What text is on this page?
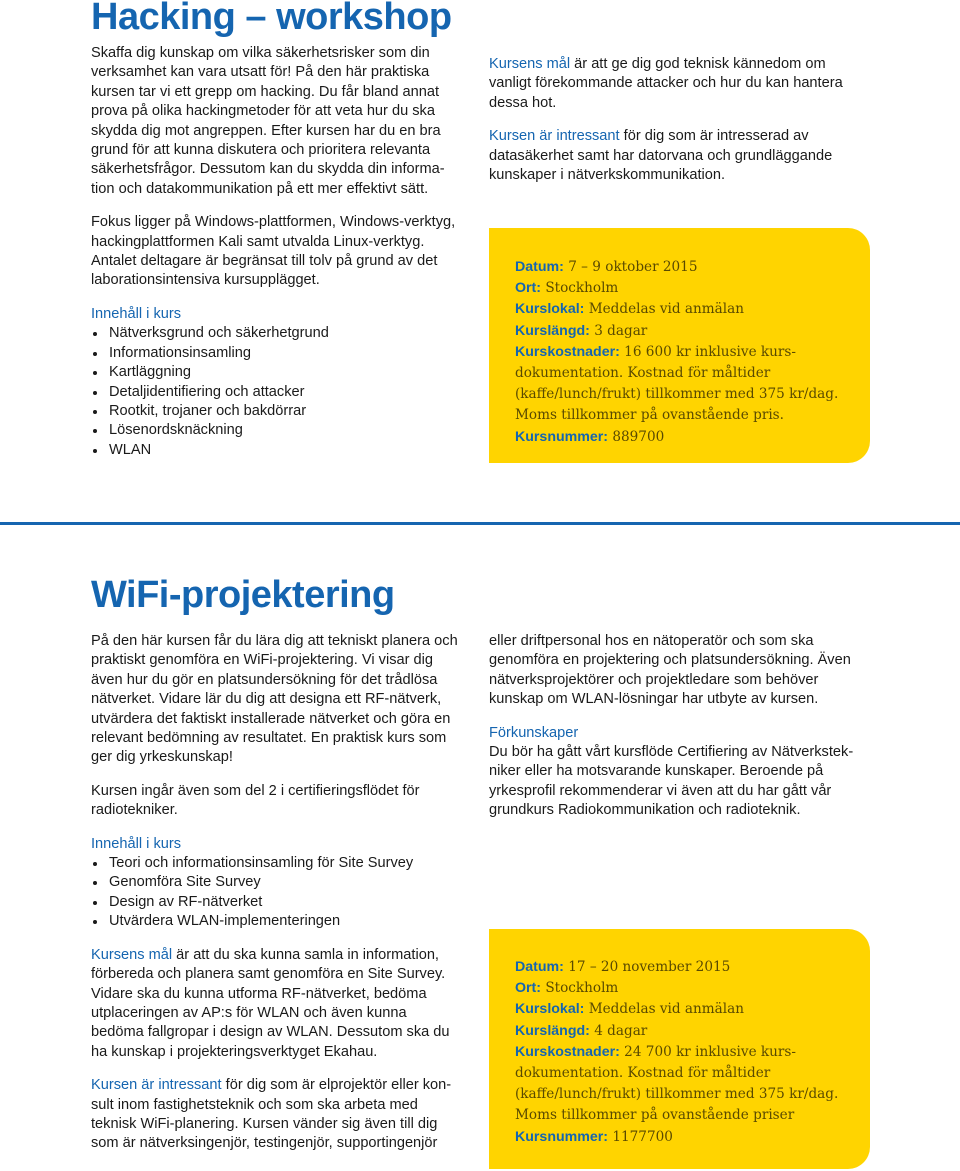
Hacking – workshop

Skaffa dig kunskap om vilka säkerhetsrisker som din verksamhet kan vara utsatt för! På den här praktiska kursen tar vi ett grepp om hacking. Du får bland annat prova på olika hackingmetoder för att veta hur du ska skydda dig mot angreppen. Efter kursen har du en bra grund för att kunna diskutera och prioritera relevanta säkerhetsfrågor. Dessutom kan du skydda din informa-tion och datakommunikation på ett mer effektivt sätt.

Fokus ligger på Windows-plattformen, Windows-verktyg, hackingplattformen Kali samt utvalda Linux-verktyg. Antalet deltagare är begränsat till tolv på grund av det laborationsintensiva kursupplägget.

Innehåll i kurs
Nätverksgrund och säkerhetgrund
Informationsinsamling
Kartläggning
Detaljidentifiering och attacker
Rootkit, trojaner och bakdörrar
Lösenordsknäckning
WLAN

Kursens mål är att ge dig god teknisk kännedom om vanligt förekommande attacker och hur du kan hantera dessa hot.

Kursen är intressant för dig som är intresserad av datasäkerhet samt har datorvana och grundläggande kunskaper i nätverkskommunikation.

Datum: 7 – 9 oktober 2015
Ort: Stockholm
Kurslokal: Meddelas vid anmälan
Kurslängd: 3 dagar
Kurskostnader: 16 600 kr inklusive kurs-dokumentation. Kostnad för måltider (kaffe/lunch/frukt) tillkommer med 375 kr/dag. Moms tillkommer på ovanstående pris.
Kursnummer: 889700
WiFi-projektering

På den här kursen får du lära dig att tekniskt planera och praktiskt genomföra en WiFi-projektering. Vi visar dig även hur du gör en platsundersökning för det trådlösa nätverket. Vidare lär du dig att designa ett RF-nätverk, utvärdera det faktiskt installerade nätverket och göra en relevant bedömning av resultatet. En praktisk kurs som ger dig yrkeskunskap!

Kursen ingår även som del 2 i certifieringsflödet för radiotekniker.

Innehåll i kurs
Teori och informationsinsamling för Site Survey
Genomföra Site Survey
Design av RF-nätverket
Utvärdera WLAN-implementeringen

Kursens mål är att du ska kunna samla in information, förbereda och planera samt genomföra en Site Survey. Vidare ska du kunna utforma RF-nätverket, bedöma utplaceringen av AP:s för WLAN och även kunna bedöma fallgropar i design av WLAN. Dessutom ska du ha kunskap i projekteringsverktyget Ekahau.

Kursen är intressant för dig som är elprojektör eller kon-sult inom fastighetsteknik och som ska arbeta med teknisk WiFi-planering. Kursen vänder sig även till dig som är nätverksingenjör, testingenjör, supportingenjör

eller driftpersonal hos en nätoperatör och som ska genomföra en projektering och platsundersökning. Även nätverksprojektörer och projektledare som behöver kunskap om WLAN-lösningar har utbyte av kursen.

Förkunskaper

Du bör ha gått vårt kursflöde Certifiering av Nätverkstek-niker eller ha motsvarande kunskaper. Beroende på yrkesprofil rekommenderar vi även att du har gått vår grundkurs Radiokommunikation och radioteknik.

Datum: 17 – 20 november 2015
Ort: Stockholm
Kurslokal: Meddelas vid anmälan
Kurslängd: 4 dagar
Kurskostnader: 24 700 kr inklusive kurs-dokumentation. Kostnad för måltider (kaffe/lunch/frukt) tillkommer med 375 kr/dag. Moms tillkommer på ovanstående priser
Kursnummer: 1177700
